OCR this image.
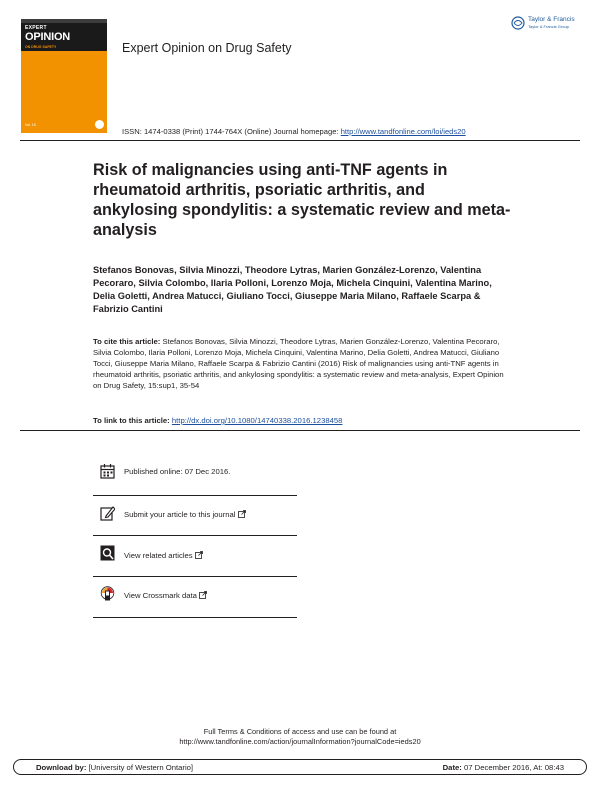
EXPERT
OPINION
ON DRUG SAFETY
Vol. 15
Expert Opinion on Drug Safety
Taylor & Francis
Taylor & Francis Group
ISSN: 1474-0338 (Print) 1744-764X (Online) Journal homepage: http://www.tandfonline.com/loi/ieds20
Risk of malignancies using anti-TNF agents in rheumatoid arthritis, psoriatic arthritis, and ankylosing spondylitis: a systematic review and meta-analysis
Stefanos Bonovas, Silvia Minozzi, Theodore Lytras, Marien González-Lorenzo, Valentina Pecoraro, Silvia Colombo, Ilaria Polloni, Lorenzo Moja, Michela Cinquini, Valentina Marino, Delia Goletti, Andrea Matucci, Giuliano Tocci, Giuseppe Maria Milano, Raffaele Scarpa & Fabrizio Cantini
To cite this article: Stefanos Bonovas, Silvia Minozzi, Theodore Lytras, Marien González-Lorenzo, Valentina Pecoraro, Silvia Colombo, Ilaria Polloni, Lorenzo Moja, Michela Cinquini, Valentina Marino, Delia Goletti, Andrea Matucci, Giuliano Tocci, Giuseppe Maria Milano, Raffaele Scarpa & Fabrizio Cantini (2016) Risk of malignancies using anti-TNF agents in rheumatoid arthritis, psoriatic arthritis, and ankylosing spondylitis: a systematic review and meta-analysis, Expert Opinion on Drug Safety, 15:sup1, 35-54
To link to this article: http://dx.doi.org/10.1080/14740338.2016.1238458
Published online: 07 Dec 2016.
Submit your article to this journal
View related articles
View Crossmark data
Full Terms & Conditions of access and use can be found at
http://www.tandfonline.com/action/journalInformation?journalCode=ieds20
Download by: [University of Western Ontario]	Date: 07 December 2016, At: 08:43
